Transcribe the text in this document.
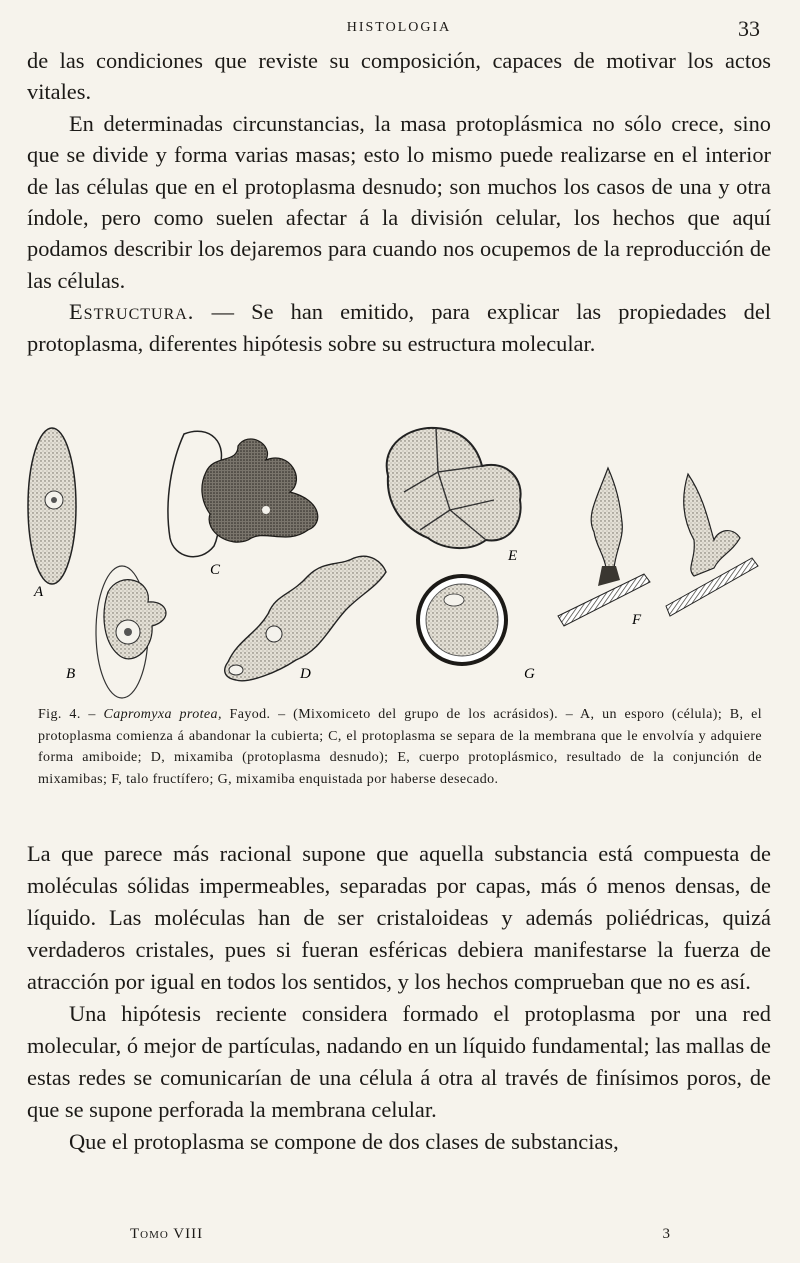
HISTOLOGIA	33

de las condiciones que reviste su composición, capaces de motivar los actos vitales.

En determinadas circunstancias, la masa protoplásmica no sólo crece, sino que se divide y forma varias masas; esto lo mismo puede realizarse en el interior de las células que en el protoplasma desnudo; son muchos los casos de una y otra índole, pero como suelen afectar á la división celular, los hechos que aquí podamos describir los dejaremos para cuando nos ocupemos de la reproducción de las células.

Estructura. — Se han emitido, para explicar las propiedades del protoplasma, diferentes hipótesis sobre su estructura molecular.

A
B
C
D
E
F
G
Fig. 4. – Capromyxa protea, Fayod. – (Mixomiceto del grupo de los acrásidos). – A, un esporo (célula); B, el protoplasma comienza á abandonar la cubierta; C, el protoplasma se separa de la membrana que le envolvía y adquiere forma amiboide; D, mixamiba (protoplasma desnudo); E, cuerpo protoplásmico, resultado de la conjunción de mixamibas; F, talo fructífero; G, mixamiba enquistada por haberse desecado.

La que parece más racional supone que aquella substancia está compuesta de moléculas sólidas impermeables, separadas por capas, más ó menos densas, de líquido. Las moléculas han de ser cristaloideas y además poliédricas, quizá verdaderos cristales, pues si fueran esféricas debiera manifestarse la fuerza de atracción por igual en todos los sentidos, y los hechos comprueban que no es así.

Una hipótesis reciente considera formado el protoplasma por una red molecular, ó mejor de partículas, nadando en un líquido fundamental; las mallas de estas redes se comunicarían de una célula á otra al través de finísimos poros, de que se supone perforada la membrana celular.

Que el protoplasma se compone de dos clases de substancias,

Tomo VIII	3
